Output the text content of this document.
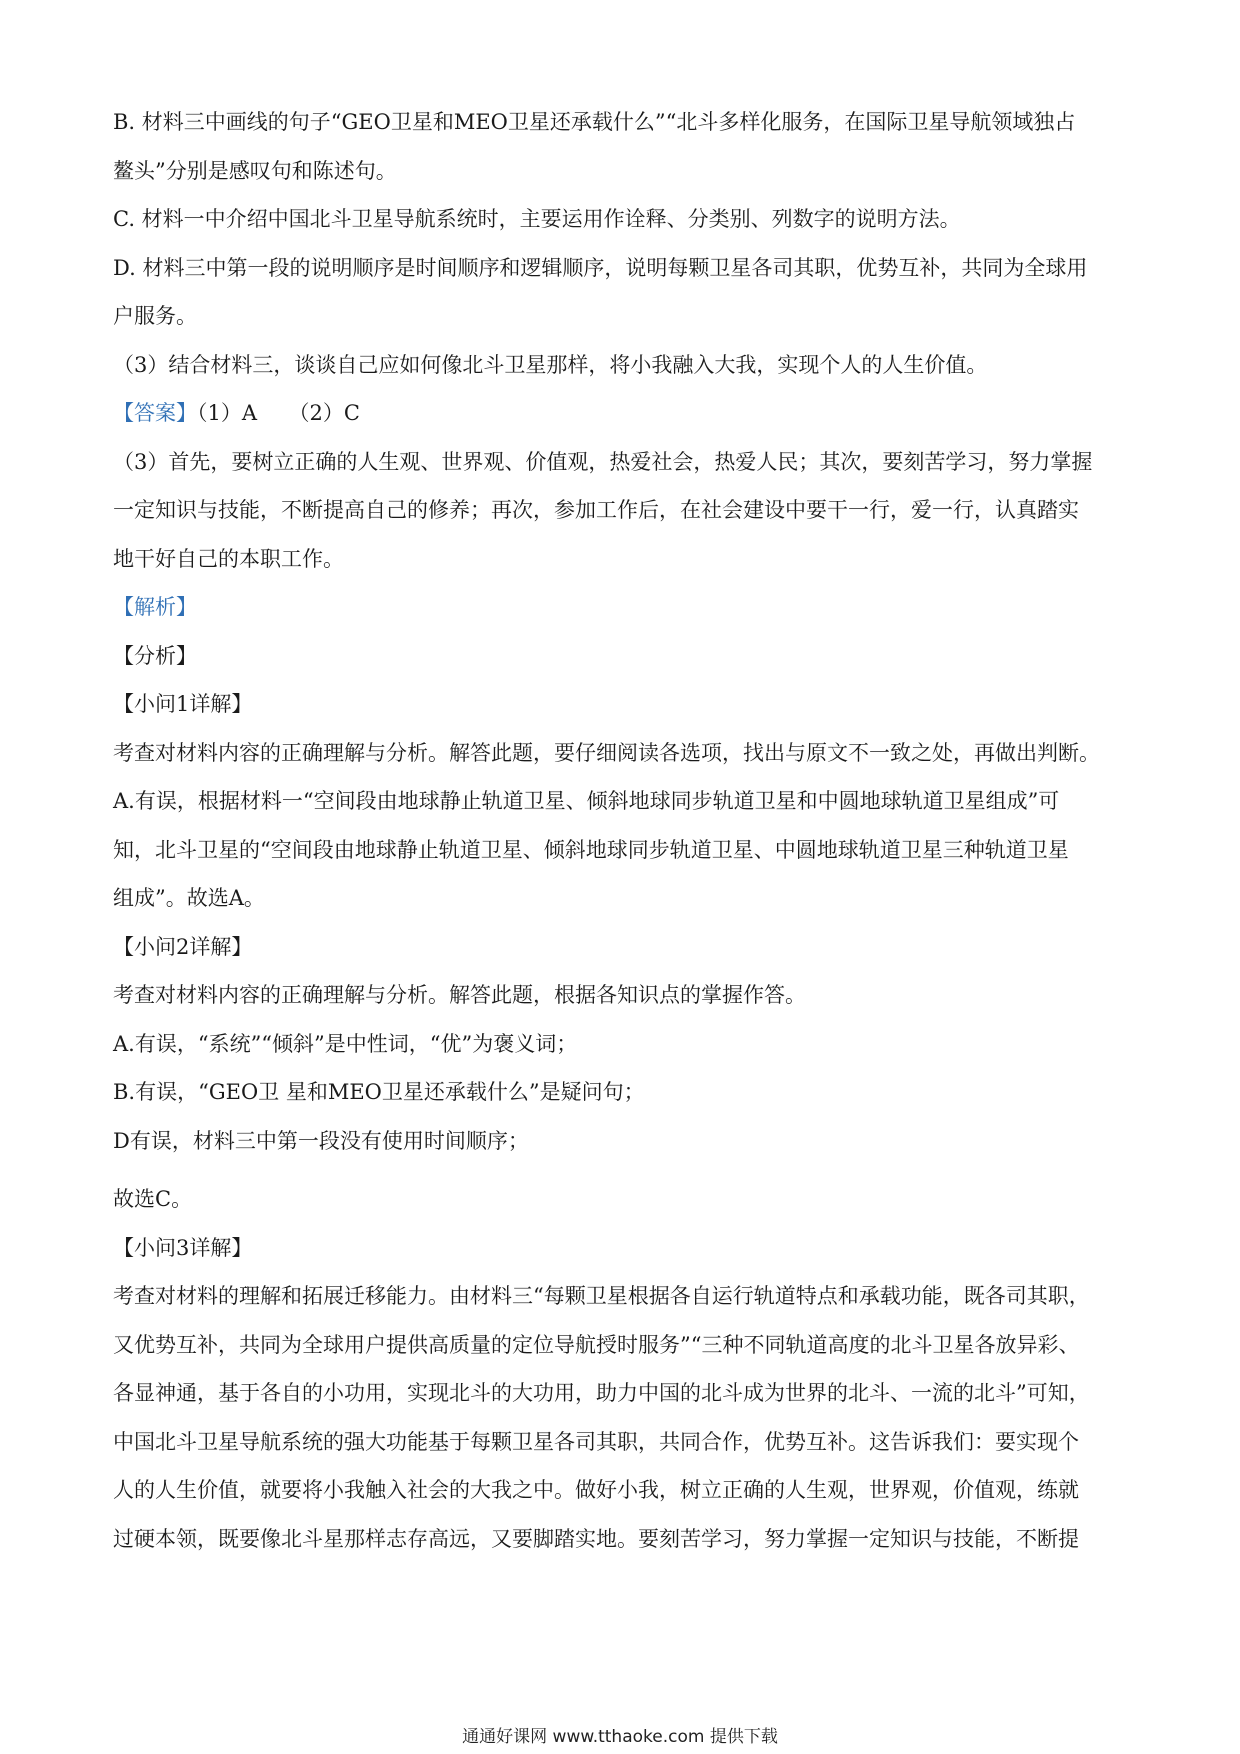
B. 材料三中画线的句子“GEO卫星和MEO卫星还承载什么”“北斗多样化服务，在国际卫星导航领域独占
鳌头”分别是感叹句和陈述句。
C. 材料一中介绍中国北斗卫星导航系统时，主要运用作诠释、分类别、列数字的说明方法。
D. 材料三中第一段的说明顺序是时间顺序和逻辑顺序，说明每颗卫星各司其职，优势互补，共同为全球用
户服务。
（3）结合材料三，谈谈自己应如何像北斗卫星那样，将小我融入大我，实现个人的人生价值。
【答案】（1）A　　（2）C
（3）首先，要树立正确的人生观、世界观、价值观，热爱社会，热爱人民；其次，要刻苦学习，努力掌握
一定知识与技能，不断提高自己的修养；再次，参加工作后，在社会建设中要干一行，爱一行，认真踏实
地干好自己的本职工作。
【解析】
【分析】
【小问1详解】
考查对材料内容的正确理解与分析。解答此题，要仔细阅读各选项，找出与原文不一致之处，再做出判断。
A.有误，根据材料一“空间段由地球静止轨道卫星、倾斜地球同步轨道卫星和中圆地球轨道卫星组成”可
知，北斗卫星的“空间段由地球静止轨道卫星、倾斜地球同步轨道卫星、中圆地球轨道卫星三种轨道卫星
组成”。故选A。
【小问2详解】
考查对材料内容的正确理解与分析。解答此题，根据各知识点的掌握作答。
A.有误，“系统”“倾斜”是中性词，“优”为褒义词；
B.有误，“GEO卫 星和MEO卫星还承载什么”是疑问句；
D有误，材料三中第一段没有使用时间顺序；
故选C。
【小问3详解】
考查对材料的理解和拓展迁移能力。由材料三“每颗卫星根据各自运行轨道特点和承载功能，既各司其职，
又优势互补，共同为全球用户提供高质量的定位导航授时服务”“三种不同轨道高度的北斗卫星各放异彩、
各显神通，基于各自的小功用，实现北斗的大功用，助力中国的北斗成为世界的北斗、一流的北斗”可知，
中国北斗卫星导航系统的强大功能基于每颗卫星各司其职，共同合作，优势互补。这告诉我们：要实现个
人的人生价值，就要将小我触入社会的大我之中。做好小我，树立正确的人生观，世界观，价值观，练就
过硬本领，既要像北斗星那样志存高远，又要脚踏实地。要刻苦学习，努力掌握一定知识与技能，不断提
通通好课网 www.tthaoke.com 提供下载
